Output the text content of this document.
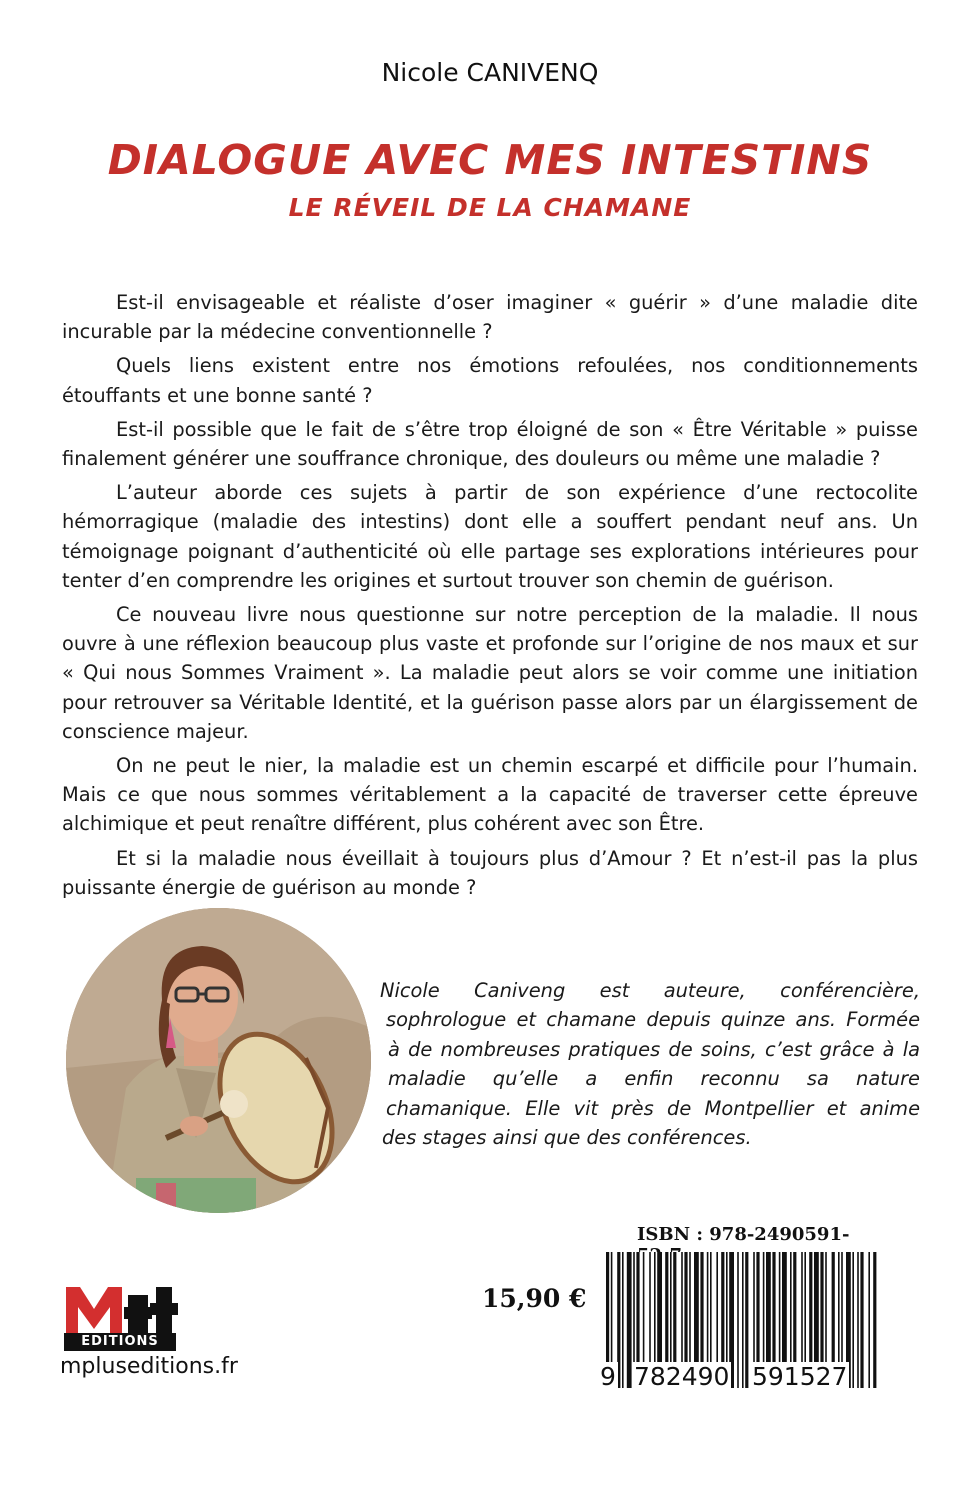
Nicole CANIVENQ
DIALOGUE AVEC MES INTESTINS
LE RÉVEIL DE LA CHAMANE

Est-il envisageable et réaliste d’oser imaginer « guérir » d’une maladie dite incurable par la médecine conventionnelle ?

Quels liens existent entre nos émotions refoulées, nos conditionnements étouffants et une bonne santé ?

Est-il possible que le fait de s’être trop éloigné de son « Être Véritable » puisse finalement générer une souffrance chronique, des douleurs ou même une maladie ?

L’auteur aborde ces sujets à partir de son expérience d’une rectocolite hémorragique (maladie des intestins) dont elle a souffert pendant neuf ans. Un témoignage poignant d’authenticité où elle partage ses explorations intérieures pour tenter d’en comprendre les origines et surtout trouver son chemin de guérison.

Ce nouveau livre nous questionne sur notre perception de la maladie. Il nous ouvre à une réflexion beaucoup plus vaste et profonde sur l’origine de nos maux et sur « Qui nous Sommes Vraiment ». La maladie peut alors se voir comme une initiation pour retrouver sa Véritable Identité, et la guérison passe alors par un élargissement de conscience majeur.

On ne peut le nier, la maladie est un chemin escarpé et difficile pour l’humain. Mais ce que nous sommes véritablement a la capacité de traverser cette épreuve alchimique et peut renaître différent, plus cohérent avec son Être.

Et si la maladie nous éveillait à toujours plus d’Amour ? Et n’est-il pas la plus puissante énergie de guérison au monde ?

Nicole Caniveng est auteure, conférencière,
sophrologue et chamane depuis quinze ans. Formée
à de nombreuses pratiques de soins, c’est grâce à la
maladie qu’elle a enfin reconnu sa nature
chamanique. Elle vit près de Montpellier et anime
des stages ainsi que des conférences.
ISBN : 978-2490591-
15,90 €
9 782490 591527
EDITIONS
mpluseditions.fr
